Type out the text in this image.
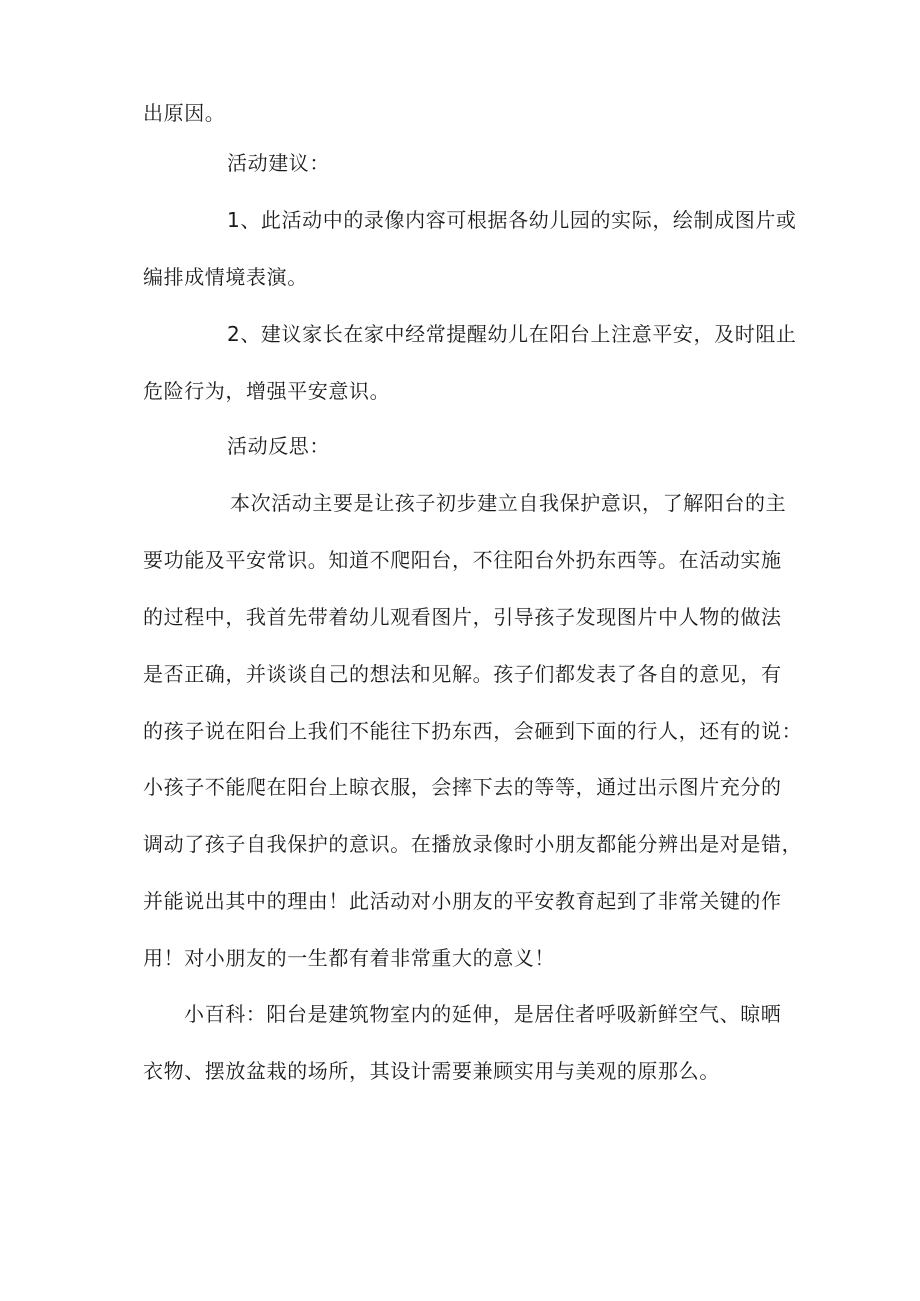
出原因。
活动建议：
1、此活动中的录像内容可根据各幼儿园的实际，绘制成图片或
编排成情境表演。
2、建议家长在家中经常提醒幼儿在阳台上注意平安，及时阻止
危险行为，增强平安意识。
活动反思：
本次活动主要是让孩子初步建立自我保护意识，了解阳台的主
要功能及平安常识。知道不爬阳台，不往阳台外扔东西等。在活动实施
的过程中，我首先带着幼儿观看图片，引导孩子发现图片中人物的做法
是否正确，并谈谈自己的想法和见解。孩子们都发表了各自的意见，有
的孩子说在阳台上我们不能往下扔东西，会砸到下面的行人，还有的说：
小孩子不能爬在阳台上晾衣服，会摔下去的等等，通过出示图片充分的
调动了孩子自我保护的意识。在播放录像时小朋友都能分辨出是对是错，
并能说出其中的理由！此活动对小朋友的平安教育起到了非常关键的作
用！对小朋友的一生都有着非常重大的意义！
小百科：阳台是建筑物室内的延伸，是居住者呼吸新鲜空气、晾晒
衣物、摆放盆栽的场所，其设计需要兼顾实用与美观的原那么。
